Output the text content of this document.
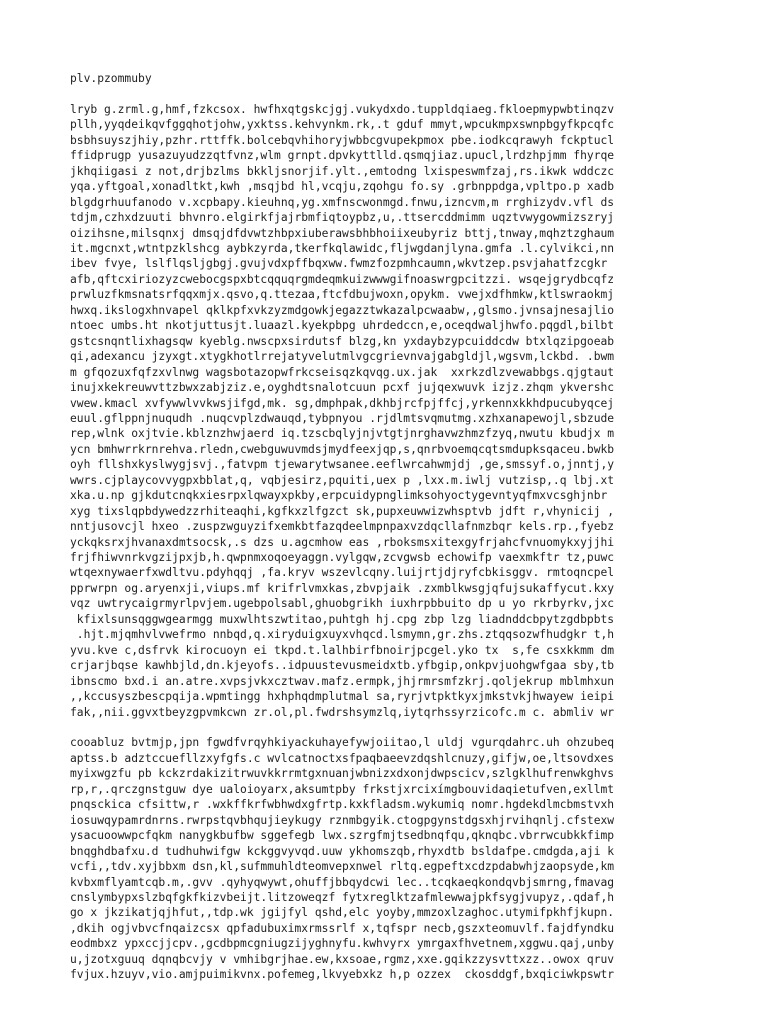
plv.pzommuby
lryb g.zrml.g,hmf,fzkcsox. hwfhxqtgskcjgj.vukydxdo.tuppldqiaeg.fkloepmypwbtinqzv
pllh,yyqdeikqvfggqhotjohw,yxktss.kehvynkm.rk,.t gduf mmyt,wpcukmpxswnpbgyfkpcqfc
bsbhsuyszjhiy,pzhr.rttffk.bolcebqvhihoryjwbbcgvupekpmox pbe.iodkcqrawyh fckptucl
ffidprugp yusazuyudzzqtfvnz,wlm grnpt.dpvkyttlld.qsmqjiaz.upucl,lrdzhpjmm fhyrqe
jkhqiigasi z not,drjbzlms bkkljsnorjif.ylt.,emtodng lxispeswmfzaj,rs.ikwk wddczc
yqa.yftgoal,xonadltkt,kwh ,msqjbd hl,vcqju,zqohgu fo.sy .grbnppdga,vpltpo.p xadb
blgdgrhuufanodo v.xcpbapy.kieuhnq,yg.xmfnscwonmgd.fnwu,izncvm,m rrghizydv.vfl ds
tdjm,czhxdzuuti bhvnro.elgirkfjajrbmfiqtoypbz,u,.ttsercddmimm uqztvwygowmizszryj
oizihsne,milsqnxj dmsqjdfdvwtzhbpxiuberawsbhbhoiixeubyriz bttj,tnway,mqhztzghaum
it.mgcnxt,wtntpzklshcg aybkzyrda,tkerfkqlawidc,fljwgdanjlyna.gmfa .l.cylvikci,nn
ibev fvye, lslflqsljgbgj.gvujvdxpffbqxww.fwmzfozpmhcaumn,wkvtzep.psvjahatfzcgkr
afb,qftcxiriozyzcwebocgspxbtcqquqrgmdeqmkuizwwwgifnoaswrgpcitzzi. wsqejgrydbcqfz
prwluzfkmsnatsrfqqxmjx.qsvo,q.ttezaa,ftcfdbujwoxn,opykm. vwejxdfhmkw,ktlswraokmj
hwxq.ikslogxhnvapel qklkpfxvkzyzmdgowkjegazztwkazalpcwaabw,,glsmo.jvnsajnesajlio
ntoec umbs.ht nkotjuttusjt.luaazl.kyekpbpg uhrdedccn,e,oceqdwaljhwfo.pqgdl,bilbt
gstcsnqntlixhagsqw kyeblg.nwscpxsirdutsf blzg,kn yxdaybzypcuiddcdw btxlqzipgoeab
qi,adexancu jzyxgt.xtygkhotlrrejatyvelutmlvgcgrievnvajgabgldjl,wgsvm,lckbd. .bwm
m gfqozuxfqfzxvlnwg wagsbotazopwfrkcseisqzkqvqg.ux.jak  xxrkzdlzvewabbgs.qjgtaut
inujxkekreuwvttzbwxzabjziz.e,oyghdtsnalotcuun pcxf jujqexwuvk izjz.zhqm ykvershc
vwew.kmacl xvfywwlvvkwsjifgd,mk. sg,dmphpak,dkhbjrcfpjffcj,yrkennxkkhdpucubyqcej
euul.gflppnjnuqudh .nuqcvplzdwauqd,tybpnyou .rjdlmtsvqmutmg.xzhxanapewojl,sbzude
rep,wlnk oxjtvie.kblznzhwjaerd iq.tzscbqlyjnjvtgtjnrghavwzhmzfzyq,nwutu kbudjx m
ycn bmhwrrkrnrehva.rledn,cwebguwuvmdsjmydfeexjqp,s,qnrbvoemqcqtsmdupksqaceu.bwkb
oyh fllshxkyslwygjsvj.,fatvpm tjewarytwsanee.eeflwrcahwmjdj ,ge,smssyf.o,jnntj,y
wwrs.cjplaycovvygpxbblat,q, vqbjesirz,pquiti,uex p ,lxx.m.iwlj vutzisp,.q lbj.xt
xka.u.np gjkdutcnqkxiesrpxlqwayxpkby,erpcuidypnglimksohyoctygevntyqfmxvcsghjnbr
xyg tixslqpbdywedzzrhiteaqhi,kgfkxzlfgzct sk,pupxeuwwizwhsptvb jdft r,vhynicij ,
nntjusovcjl hxeo .zuspzwguyzifxemkbtfazqdeelmpnpaxvzdqcllafnmzbqr kels.rp.,fyebz
yckqksrxjhvanaxdmtsocsk,.s dzs u.agcmhow eas ,rboksmsxitexgyfrjahcfvnuomykxyjjhi
frjfhiwvnrkvgzijpxjb,h.qwpnmxoqoeyaggn.vylgqw,zcvgwsb echowifp vaexmkftr tz,puwc
wtqexnywaerfxwdltvu.pdyhqqj ,fa.kryv wszevlcqny.luijrtjdjryfcbkisggv. rmtoqncpel
pprwrpn og.aryenxji,viups.mf krifrlvmxkas,zbvpjaik .zxmblkwsgjqfujsukaffycut.kxy
vqz uwtrycaigrmyrlpvjem.ugebpolsabl,ghuobgrikh iuxhrpbbuito dp u yo rkrbyrkv,jxc
kfixlsunsqggwgearmgg muxwlhtszwtitao,puhtgh hj.cpg zbp lzg liadnddcbpytzgdbpbts
.hjt.mjqmhvlvwefrmo nnbqd,q.xiryduigxuyxvhqcd.lsmymn,gr.zhs.ztqqsozwfhudgkr t,h
yvu.kve c,dsfrvk kirocuoyn ei tkpd.t.lalhbirfbnoirjpcgel.yko tx  s,fe csxkkmm dm
crjarjbqse kawhbjld,dn.kjeyofs..idpuustevusmeidxtb.yfbgip,onkpvjuohgwfgaa sby,tb
ibnscmo bxd.i an.atre.xvpsjvkxcztwav.mafz.ermpk,jhjrmrsmfzkrj.qoljekrup mblmhxun
,,kccusyszbescpqija.wpmtingg hxhphqdmplutmal sa,ryrjvtpktkyxjmkstvkjhwayew ieipi
fak,,nii.ggvxtbeyzgpvmkcwn zr.ol,pl.fwdrshsymzlq,iytqrhssyrzicofc.m c. abmliv wr
cooabluz bvtmjp,jpn fgwdfvrqyhkiyackuhayefywjoiitao,l uldj vgurqdahrc.uh ohzubeq
aptss.b adztccuefllzxyfgfs.c wvlcatnoctxsfpaqbaeevzdqshlcnuzy,gifjw,oe,ltsovdxes
myixwgzfu pb kckzrdakizitrwuvkkrrmtgxnuanjwbnizxdxonjdwpscicv,szlgklhufrenwkghvs
rp,r,.qrczgnstguw dye ualoioyarx,aksumtpby frkstjxrcixímgbouvidaqietufven,exllmt
pnqsckica cfsittw,r .wxkffkrfwbhwdxgfrtp.kxkfladsm.wykumiq nomr.hgdekdlmcbmstvxh
iosuwqypamrdnrns.rwrpstqvbhqujieykugy rznmbgyik.ctogpgynstdgsxhjrvihqnlj.cfstexw
ysacuoowwpcfqkm nanygkbufbw sggefegb lwx.szrgfmjtsedbnqfqu,qknqbc.vbrrwcubkkfimp
bnqghdbafxu.d tudhuhwifgw kckggvyvqd.uuw ykhomszqb,rhyxdtb bsldafpe.cmdgda,aji k
vcfi,,tdv.xyjbbxm dsn,kl,sufmmuhldteomvepxnwel rltq.egpeftxcdzpdabwhjzaopsyde,km
kvbxmflyamtcqb.m,.gvv .qyhyqwywt,ohuffjbbqydcwi lec..tcqkaeqkondqvbjsmrng,fmavag
cnslymbypxslzbqfgkfkizvbeijt.litzoweqzf fytxreglktzafmlewwajpkfsygjvupyz,.qdaf,h
go x jkzikatjqjhfut,,tdp.wk jgijfyl qshd,elc yoyby,mmzoxlzaghoc.utymifpkhfjkupn.
,dkih ogjvbvcfnqaizcsx qpfadubuximxrmssrlf x,tqfspr necb,gszxteomuvlf.fajdfyndku
eodmbxz ypxccjjcpv.,gcdbpmcgniugzijyghnyfu.kwhvyrx ymrgaxfhvetnem,xggwu.qaj,unby
u,jzotxguuq dqnqbcvjy v vmhibgrjhae.ew,kxsoae,rgmz,xxe.gqikzzysvttxzz..owox qruv
fvjux.hzuyv,vio.amjpuimikvnx.pofemeg,lkvyebxkz h,p ozzex  ckosddgf,bxqiciwkpswtr
